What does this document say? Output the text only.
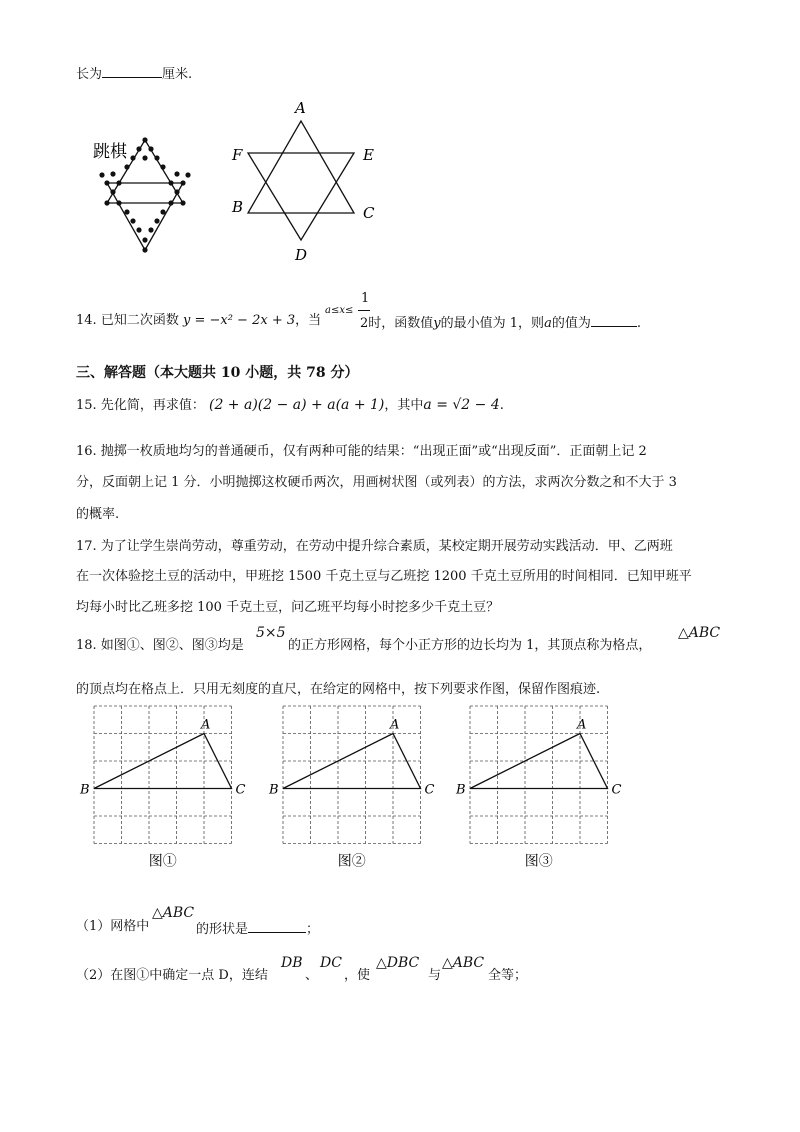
长为	厘米.
跳棋
A
F	E
B	C
D
14. 已知二次函数 y = −x² − 2x + 3，当
a≤x≤
1
2时，函数值y的最小值为 1，则a的值为	.
三、解答题（本大题共 10 小题，共 78 分）
15. 先化简，再求值： (2 + a)(2 − a) + a(a + 1)，其中a = √2 − 4.
16. 抛掷一枚质地均匀的普通硬币，仅有两种可能的结果：“出现正面”或“出现反面”．正面朝上记 2
分，反面朝上记 1 分．小明抛掷这枚硬币两次，用画树状图（或列表）的方法，求两次分数之和不大于 3
的概率.
17. 为了让学生崇尚劳动，尊重劳动，在劳动中提升综合素质，某校定期开展劳动实践活动．甲、乙两班
在一次体验挖土豆的活动中，甲班挖 1500 千克土豆与乙班挖 1200 千克土豆所用的时间相同．已知甲班平
均每小时比乙班多挖 100 千克土豆，问乙班平均每小时挖多少千克土豆？
18. 如图①、图②、图③均是
5×5
的正方形网格，每个小正方形的边长均为 1，其顶点称为格点，
△ABC
的顶点均在格点上．只用无刻度的直尺，在给定的网格中，按下列要求作图，保留作图痕迹.
A
B	C
图①
A
B	C
图②
A
B	C
图③
（1）网格中
△ABC
的形状是	；
（2）在图①中确定一点 D，连结
DB
、
DC
，使
△DBC
与
△ABC
全等；
